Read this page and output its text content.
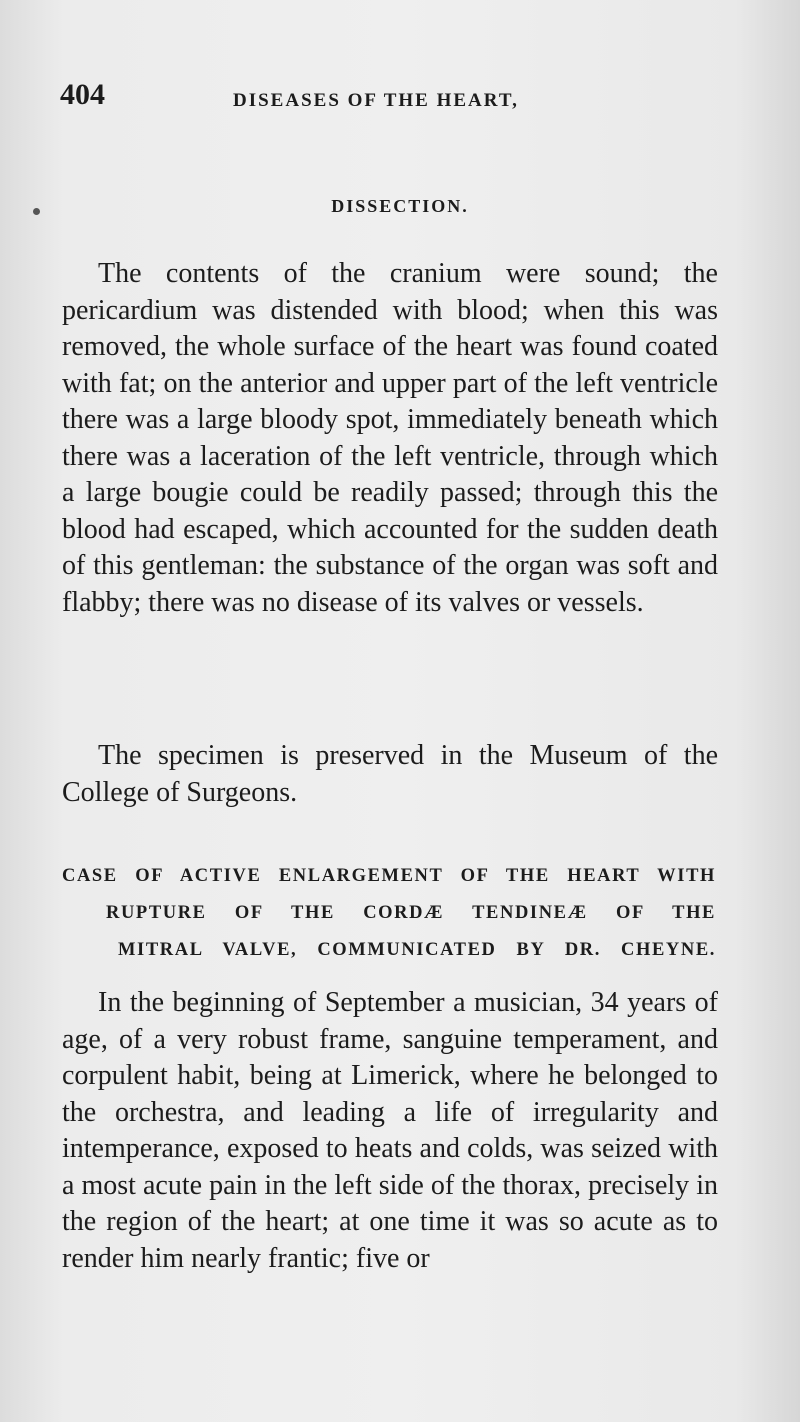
404	DISEASES OF THE HEART,
DISSECTION.

The contents of the cranium were sound; the pericardium was distended with blood; when this was removed, the whole surface of the heart was found coated with fat; on the anterior and upper part of the left ventricle there was a large bloody spot, immediately beneath which there was a laceration of the left ventricle, through which a large bougie could be readily passed; through this the blood had escaped, which accounted for the sudden death of this gentleman: the substance of the organ was soft and flabby; there was no disease of its valves or vessels.

The specimen is preserved in the Museum of the College of Surgeons.

CASE OF ACTIVE ENLARGEMENT OF THE HEART WITH
RUPTURE OF THE CORDÆ TENDINEÆ OF THE
MITRAL VALVE, COMMUNICATED BY DR. CHEYNE.

In the beginning of September a musician, 34 years of age, of a very robust frame, sanguine temperament, and corpulent habit, being at Limerick, where he belonged to the orchestra, and leading a life of irregularity and intemperance, exposed to heats and colds, was seized with a most acute pain in the left side of the thorax, precisely in the region of the heart; at one time it was so acute as to render him nearly frantic; five or
